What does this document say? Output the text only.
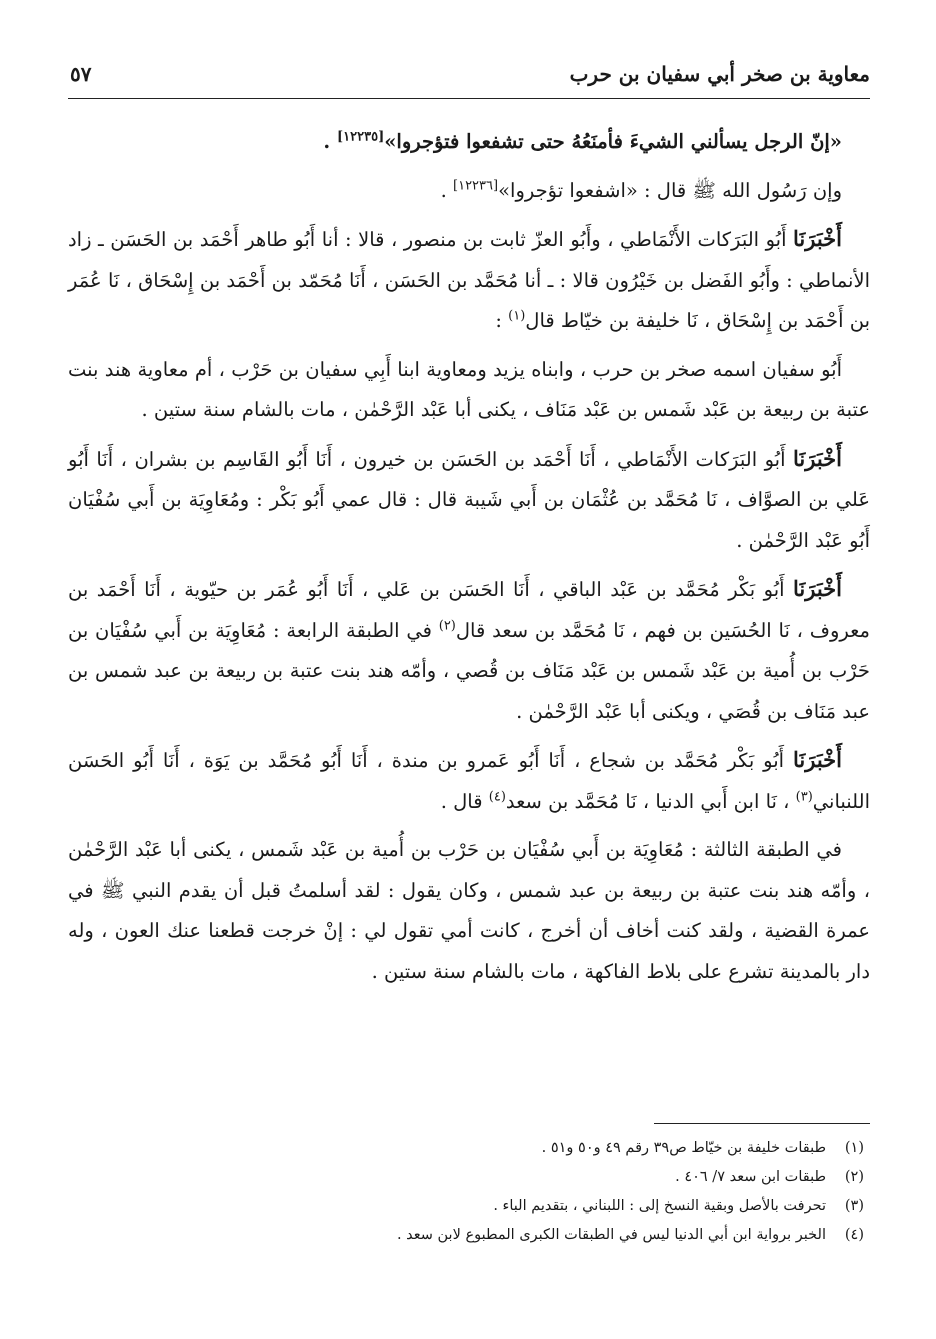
معاوية بن صخر أبي سفيان بن حرب
٥٧

«إنّ الرجل يسألني الشيءَ فأمنَعُهُ حتى تشفعوا فتؤجروا»[١٢٢٣٥] .

وإن رَسُول الله ﷺ قال : «اشفعوا تؤجروا»[١٢٢٣٦] .

أَخْبَرَنَا أَبُو البَرَكات الأَنْمَاطي ، وأَبُو العزّ ثابت بن منصور ، قالا : أنا أَبُو طاهر أَحْمَد بن الحَسَن ـ زاد الأنماطي : وأَبُو الفَضل بن خَيْرُون قالا : ـ أنا مُحَمَّد بن الحَسَن ، أَنَا مُحَمّد بن أَحْمَد بن إِسْحَاق ، نَا عُمَر بن أَحْمَد بن إِسْحَاق ، نَا خليفة بن خيّاط قال$^{(١)}$ :

أَبُو سفيان اسمه صخر بن حرب ، وابناه يزيد ومعاوية ابنا أَبِي سفيان بن حَرْب ، أم معاوية هند بنت عتبة بن ربيعة بن عَبْد شَمس بن عَبْد مَنَاف ، يكنى أبا عَبْد الرَّحْمٰن ، مات بالشام سنة ستين .

أَخْبَرَنَا أَبُو البَرَكات الأَنْمَاطي ، أَنَا أَحْمَد بن الحَسَن بن خيرون ، أَنَا أَبُو القَاسِم بن بشران ، أَنَا أَبُو عَلي بن الصوَّاف ، نَا مُحَمَّد بن عُثْمَان بن أَبي شَيبة قال : قال عمي أَبُو بَكْر : ومُعَاوِيَة بن أَبي سُفْيَان أَبُو عَبْد الرَّحْمٰن .

أَخْبَرَنَا أَبُو بَكْر مُحَمَّد بن عَبْد الباقي ، أَنَا الحَسَن بن عَلي ، أَنَا أَبُو عُمَر بن حيّوية ، أَنَا أَحْمَد بن معروف ، نَا الحُسَين بن فهم ، نَا مُحَمَّد بن سعد قال$^{(٢)}$ في الطبقة الرابعة : مُعَاوِيَة بن أَبي سُفْيَان بن حَرْب بن أُمية بن عَبْد شَمس بن عَبْد مَنَاف بن قُصي ، وأمّه هند بنت عتبة بن ربيعة بن عبد شمس بن عبد مَنَاف بن قُصَي ، ويكنى أبا عَبْد الرَّحْمٰن .

أَخْبَرَنَا أَبُو بَكْر مُحَمَّد بن شجاع ، أَنَا أَبُو عَمرو بن مندة ، أَنَا أَبُو مُحَمَّد بن يَوَة ، أَنَا أَبُو الحَسَن اللنباني$^{(٣)}$ ، نَا ابن أَبي الدنيا ، نَا مُحَمَّد بن سعد$^{(٤)}$ قال .

في الطبقة الثالثة : مُعَاوِيَة بن أَبي سُفْيَان بن حَرْب بن أُمية بن عَبْد شَمس ، يكنى أبا عَبْد الرَّحْمٰن ، وأمّه هند بنت عتبة بن ربيعة بن عبد شمس ، وكان يقول : لقد أسلمتُ قبل أن يقدم النبي ﷺ في عمرة القضية ، ولقد كنت أخاف أن أخرج ، كانت أمي تقول لي : إنْ خرجت قطعنا عنك العون ، وله دار بالمدينة تشرع على بلاط الفاكهة ، مات بالشام سنة ستين .

(١)طبقات خليفة بن خيّاط ص٣٩ رقم ٤٩ و٥٠ و٥١ .
(٢)طبقات ابن سعد ٧/ ٤٠٦ .
(٣)تحرفت بالأصل وبقية النسخ إلى : اللبناني ، بتقديم الباء .
(٤)الخبر برواية ابن أبي الدنيا ليس في الطبقات الكبرى المطبوع لابن سعد .
